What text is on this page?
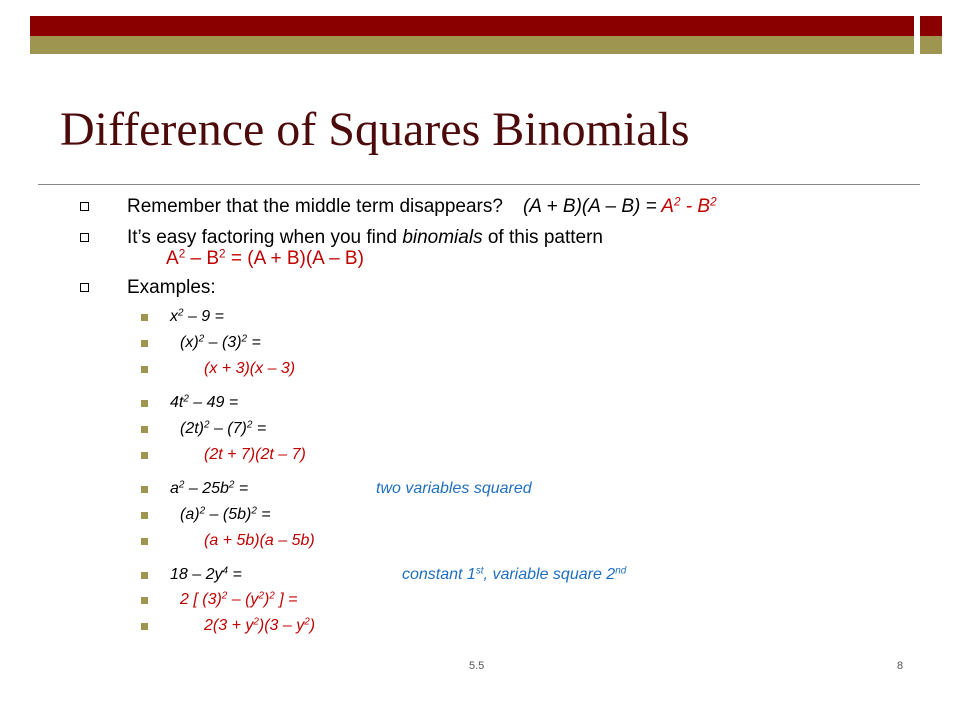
Difference of Squares Binomials
Remember that the middle term disappears? $(A + B)(A - B) = A^2 - B^2$
It’s easy factoring when you find binomials of this pattern
$A^2 - B^2 = (A + B)(A - B)$
Examples:
$x^2 - 9$ =
$(x)^2 - (3)^2$ =
(x + 3)(x – 3)
$4t^2 - 49$ =
$(2t)^2 - (7)^2$ =
(2t + 7)(2t – 7)
$a^2 - 25b^2$ =	two variables squared
$(a)^2 - (5b)^2$ =
(a + 5b)(a – 5b)
$18 - 2y^4$ =	constant 1st, variable square 2nd
2 [ $(3)^2 - (y^2)^2$ ] =
$2(3 + y^2)(3 - y^2)$
5.5	8
